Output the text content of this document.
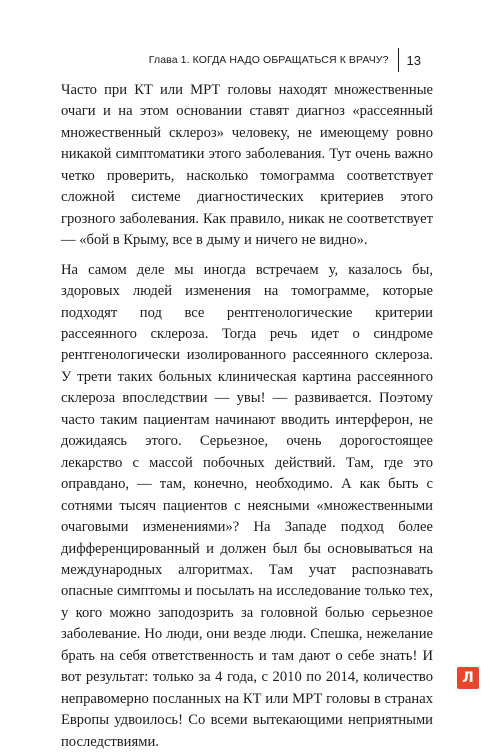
Глава 1. КОГДА НАДО ОБРАЩАТЬСЯ К ВРАЧУ? 13

Часто при КТ или МРТ головы находят множественные очаги и на этом основании ставят диагноз «рассеянный множественный склероз» человеку, не имеющему ровно никакой симптоматики этого заболевания. Тут очень важно четко проверить, насколько томограмма соответствует сложной системе диагностических критериев этого грозного заболевания. Как правило, никак не соответствует — «бой в Крыму, все в дыму и ничего не видно».

На самом деле мы иногда встречаем у, казалось бы, здоровых людей изменения на томограмме, которые подходят под все рентгенологические критерии рассеянного склероза. Тогда речь идет о синдроме рентгенологически изолированного рассеянного склероза. У трети таких больных клиническая картина рассеянного склероза впоследствии — увы! — развивается. Поэтому часто таким пациентам начинают вводить интерферон, не дожидаясь этого. Серьезное, очень дорогостоящее лекарство с массой побочных действий. Там, где это оправдано, — там, конечно, необходимо. А как быть с сотнями тысяч пациентов с неясными «множественными очаговыми изменениями»? На Западе подход более дифференцированный и должен был бы основываться на международных алгоритмах. Там учат распознавать опасные симптомы и посылать на исследование только тех, у кого можно заподозрить за головной болью серьезное заболевание. Но люди, они везде люди. Спешка, нежелание брать на себя ответственность и там дают о себе знать! И вот результат: только за 4 года, с 2010 по 2014, количество неправомерно посланных на КТ или МРТ головы в странах Европы удвоилось! Со всеми вытекающими неприятными последствиями.

Л
